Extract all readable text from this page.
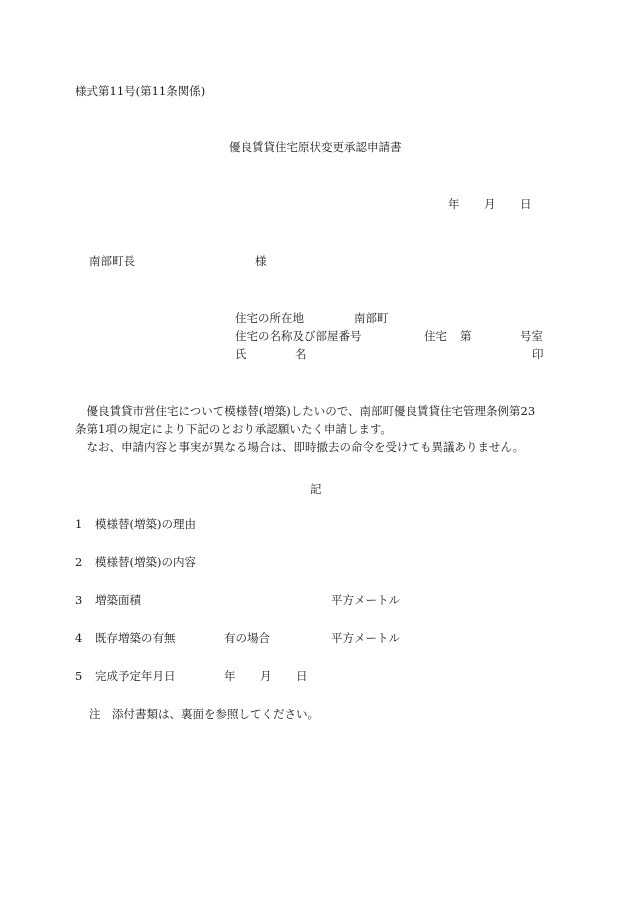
様式第11号(第11条関係)
優良賃貸住宅原状変更承認申請書
年 月 日
南部町長	様
住宅の所在地	南部町
住宅の名称及び部屋番号	住宅 第	号室
氏	名	印
　優良賃貸市営住宅について模様替(増築)したいので、南部町優良賃貸住宅管理条例第23
条第1項の規定により下記のとおり承認願いたく申請します。
　なお、申請内容と事実が異なる場合は、即時撤去の命令を受けても異議ありません。
記
1 模様替(増築)の理由
2 模様替(増築)の内容
3 増築面積	平方メートル
4 既存増築の有無	有の場合	平方メートル
5 完成予定年月日	年 月 日
注　添付書類は、裏面を参照してください。
